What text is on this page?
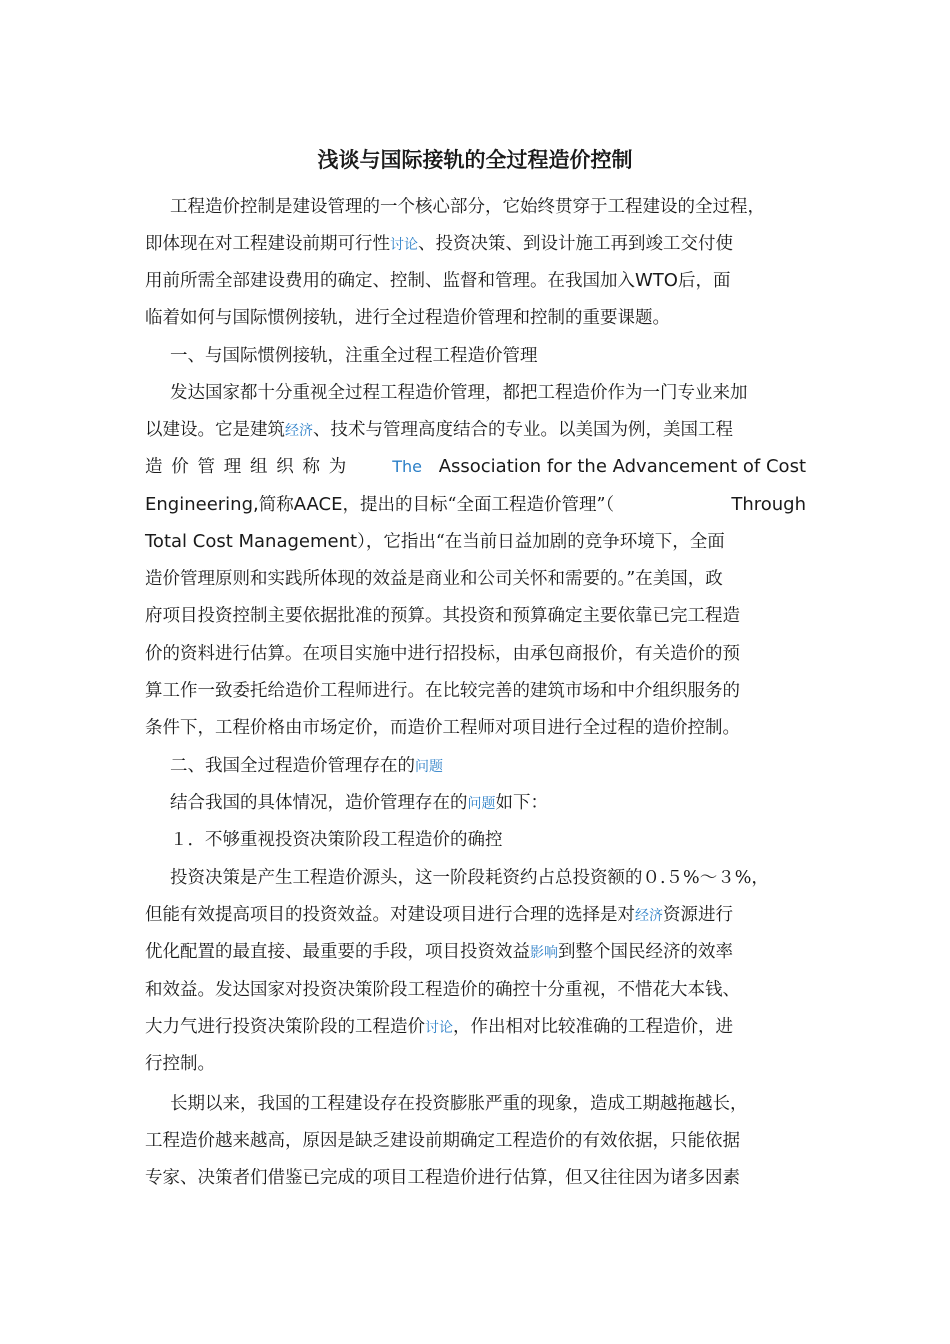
浅谈与国际接轨的全过程造价控制
工程造价控制是建设管理的一个核心部分，它始终贯穿于工程建设的全过程，
即体现在对工程建设前期可行性讨论、投资决策、到设计施工再到竣工交付使
用前所需全部建设费用的确定、控制、监督和管理。在我国加入WTO后，面
临着如何与国际惯例接轨，进行全过程造价管理和控制的重要课题。
一、与国际惯例接轨，注重全过程工程造价管理
发达国家都十分重视全过程工程造价管理，都把工程造价作为一门专业来加
以建设。它是建筑经济、技术与管理高度结合的专业。以美国为例，美国工程
造价管理组织称为 The Association for the Advancement of Cost
Engineering,简称AACE，提出的目标“全面工程造价管理”（	Through
Total Cost Management），它指出“在当前日益加剧的竞争环境下，全面
造价管理原则和实践所体现的效益是商业和公司关怀和需要的。”在美国，政
府项目投资控制主要依据批准的预算。其投资和预算确定主要依靠已完工程造
价的资料进行估算。在项目实施中进行招投标，由承包商报价，有关造价的预
算工作一致委托给造价工程师进行。在比较完善的建筑市场和中介组织服务的
条件下，工程价格由市场定价，而造价工程师对项目进行全过程的造价控制。
二、我国全过程造价管理存在的问题
结合我国的具体情况，造价管理存在的问题如下：
１．不够重视投资决策阶段工程造价的确控
投资决策是产生工程造价源头，这一阶段耗资约占总投资额的０.５%～３%，
但能有效提高项目的投资效益。对建设项目进行合理的选择是对经济资源进行
优化配置的最直接、最重要的手段，项目投资效益影响到整个国民经济的效率
和效益。发达国家对投资决策阶段工程造价的确控十分重视，不惜花大本钱、
大力气进行投资决策阶段的工程造价讨论，作出相对比较准确的工程造价，进
行控制。
长期以来，我国的工程建设存在投资膨胀严重的现象，造成工期越拖越长，
工程造价越来越高，原因是缺乏建设前期确定工程造价的有效依据，只能依据
专家、决策者们借鉴已完成的项目工程造价进行估算，但又往往因为诸多因素
